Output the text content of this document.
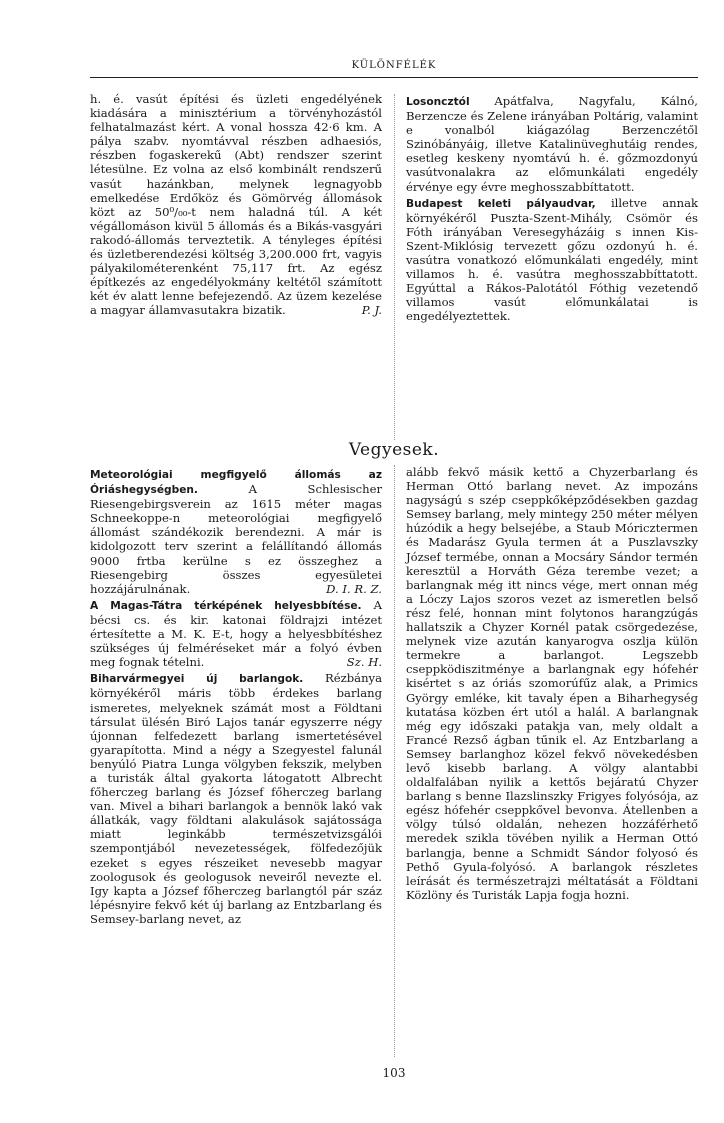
KÜLÖNFÉLÉK

h. é. vasút építési és üzleti engedélyének kiadására a minisztérium a törvényhozástól felhatalmazást kért. A vonal hossza 42·6 km. A pálya szabv. nyomtávval részben adhaesiós, részben fogaskerekű (Abt) rendszer szerint létesülne. Ez volna az első kombinált rendszerű vasút hazánkban, melynek legnagyobb emelkedése Erdőköz és Gömörvég állomások közt az 50⁰/₀₀-t nem haladná túl. A két végállomáson kivül 5 állomás és a Bikás-vasgyári rakodó-állomás terveztetik. A tényleges építési és üzletberendezési költség 3,200.000 frt, vagyis pályakilométerenként 75,117 frt. Az egész építkezés az engedélyokmány keltétől számított két év alatt lenne befejezendő. Az üzem kezelése a magyar államvasutakra bizatik.	P. J.

Losoncztól Apátfalva, Nagyfalu, Kálnó, Berzencze és Zelene irányában Poltárig, valamint e vonalból kiágazólag Berzenczétől Szinóbányáig, illetve Katalinüveghutáig rendes, esetleg keskeny nyomtávú h. é. gőzmozdonyú vasútvonalakra az előmunkálati engedély érvénye egy évre meghosszabbíttatott.

Budapest keleti pályaudvar, illetve annak környékéről Puszta-Szent-Mihály, Csömör és Fóth irányában Veresegyházáig s innen Kis-Szent-Miklósig tervezett gőzu ozdonyú h. é. vasútra vonatkozó előmunkálati engedély, mint villamos h. é. vasútra meghosszabbíttatott. Egyúttal a Rákos-Palotától Fóthig vezetendő villamos vasút előmunkálatai is engedélyeztettek.

Vegyesek.

Meteorológiai megfigyelő állomás az Óriáshegységben.	A Schlesischer Riesengebirgsverein az 1615 méter magas Schneekoppe-n meteorológiai megfigyelő állomást szándékozik berendezni. A már is kidolgozott terv szerint a felállítandó állomás 9000 frtba kerülne s ez összeghez a Riesengebirg összes egyesületei hozzájárulnának.	D. I. R. Z.

A Magas-Tátra térképének helyesbbítése. A bécsi cs. és kir. katonai földrajzi intézet értesítette a M. K. E-t, hogy a helyesbbítéshez szükséges új felméréseket már a folyó évben meg fognak tételni.	Sz. H.

Biharvármegyei új barlangok. Rézbánya környékéről máris több érdekes barlang ismeretes, melyeknek számát most a Földtani társulat ülésén Biró Lajos tanár egyszerre négy újonnan felfedezett barlang ismertetésével gyarapította. Mind a négy a Szegyestel falunál benyúló Piatra Lunga völgyben fekszik, melyben a turisták által gyakorta látogatott Albrecht főherczeg barlang és József főherczeg barlang van. Mivel a bihari barlangok a bennök lakó vak állatkák, vagy földtani alakulások sajátossága miatt leginkább természetvizsgálói szempontjából nevezetességek, fölfedezőjük ezeket s egyes részeiket nevesebb magyar zoologusok és geologusok neveiről nevezte el. Igy kapta a József főherczeg barlangtól pár száz lépésnyire fekvő két új barlang az Entzbarlang és Semsey-barlang nevet, az

alább fekvő másik kettő a Chyzerbarlang és Herman Ottó barlang nevet. Az impozáns nagyságú s szép cseppkőképződésekben gazdag Semsey barlang, mely mintegy 250 méter mélyen húzódik a hegy belsejébe, a Staub Móricztermen és Madarász Gyula termen át a Puszlavszky József termébe, onnan a Mocsáry Sándor termén keresztül a Horváth Géza terembe vezet; a barlangnak még itt nincs vége, mert onnan még a Lóczy Lajos szoros vezet az ismeretlen belső rész felé, honnan mint folytonos harangzúgás hallatszik a Chyzer Kornél patak csörgedezése, melynek vize azután kanyarogva oszlja külön termekre a barlangot. Legszebb cseppködiszitménye a barlangnak egy hófehér kisértet s az óriás szomorúfűz alak, a Primics György emléke, kit tavaly épen a Biharhegység kutatása közben ért utól a halál. A barlangnak még egy időszaki patakja van, mely oldalt a Francé Rezső ágban tűnik el. Az Entzbarlang a Semsey barlanghoz közel fekvő növekedésben levő kisebb barlang. A völgy alantabbi oldalfalában nyilik a kettős bejáratú Chyzer barlang s benne Ilazslinszky Frigyes folyósója, az egész hófehér cseppkővel bevonva. Átellenben a völgy túlsó oldalán, nehezen hozzáférhető meredek szikla tövében nyilik a Herman Ottó barlangja, benne a Schmidt Sándor folyosó és Pethő Gyula-folyósó. A barlangok részletes leírását és természetrajzi méltatását a Földtani Közlöny és Turisták Lapja fogja hozni.

103
